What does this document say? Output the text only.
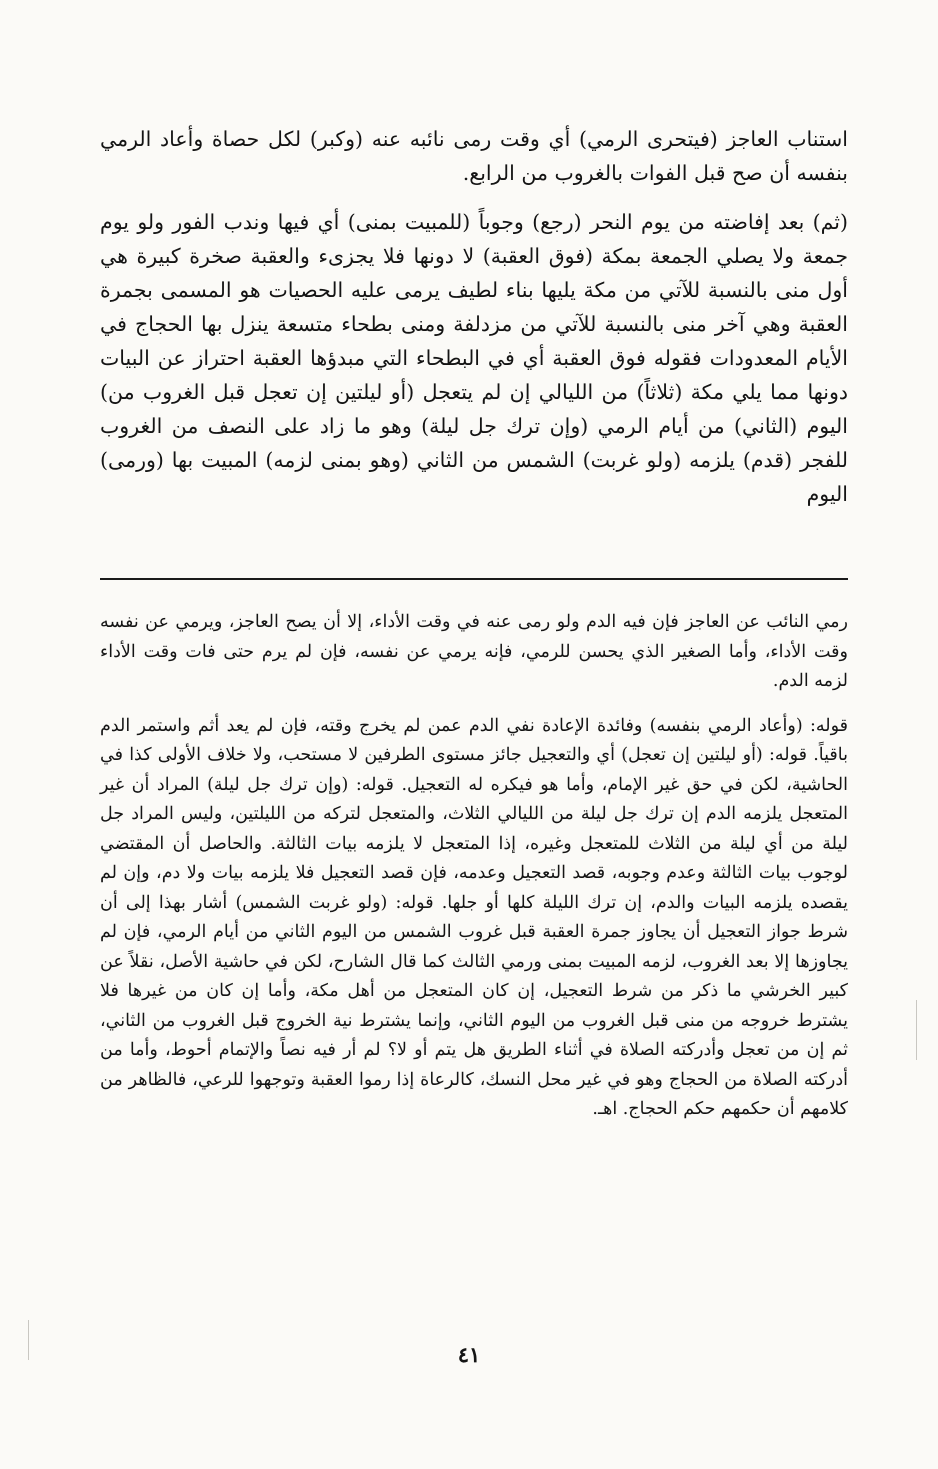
استناب العاجز (فيتحرى الرمي) أي وقت رمى نائبه عنه (وكبر) لكل حصاة وأعاد الرمي بنفسه أن صح قبل الفوات بالغروب من الرابع.

(ثم) بعد إفاضته من يوم النحر (رجع) وجوباً (للمبيت بمنى) أي فيها وندب الفور ولو يوم جمعة ولا يصلي الجمعة بمكة (فوق العقبة) لا دونها فلا يجزىء والعقبة صخرة كبيرة هي أول منى بالنسبة للآتي من مكة يليها بناء لطيف يرمى عليه الحصيات هو المسمى بجمرة العقبة وهي آخر منى بالنسبة للآتي من مزدلفة ومنى بطحاء متسعة ينزل بها الحجاج في الأيام المعدودات فقوله فوق العقبة أي في البطحاء التي مبدؤها العقبة احتراز عن البيات دونها مما يلي مكة (ثلاثاً) من الليالي إن لم يتعجل (أو ليلتين إن تعجل قبل الغروب من) اليوم (الثاني) من أيام الرمي (وإن ترك جل ليلة) وهو ما زاد على النصف من الغروب للفجر (قدم) يلزمه (ولو غربت) الشمس من الثاني (وهو بمنى لزمه) المبيت بها (ورمى) اليوم

رمي النائب عن العاجز فإن فيه الدم ولو رمى عنه في وقت الأداء، إلا أن يصح العاجز، ويرمي عن نفسه وقت الأداء، وأما الصغير الذي يحسن للرمي، فإنه يرمي عن نفسه، فإن لم يرم حتى فات وقت الأداء لزمه الدم.

قوله: (وأعاد الرمي بنفسه) وفائدة الإعادة نفي الدم عمن لم يخرج وقته، فإن لم يعد أثم واستمر الدم باقياً. قوله: (أو ليلتين إن تعجل) أي والتعجيل جائز مستوى الطرفين لا مستحب، ولا خلاف الأولى كذا في الحاشية، لكن في حق غير الإمام، وأما هو فيكره له التعجيل. قوله: (وإن ترك جل ليلة) المراد أن غير المتعجل يلزمه الدم إن ترك جل ليلة من الليالي الثلاث، والمتعجل لتركه من الليلتين، وليس المراد جل ليلة من أي ليلة من الثلاث للمتعجل وغيره، إذا المتعجل لا يلزمه بيات الثالثة. والحاصل أن المقتضي لوجوب بيات الثالثة وعدم وجوبه، قصد التعجيل وعدمه، فإن قصد التعجيل فلا يلزمه بيات ولا دم، وإن لم يقصده يلزمه البيات والدم، إن ترك الليلة كلها أو جلها. قوله: (ولو غربت الشمس) أشار بهذا إلى أن شرط جواز التعجيل أن يجاوز جمرة العقبة قبل غروب الشمس من اليوم الثاني من أيام الرمي، فإن لم يجاوزها إلا بعد الغروب، لزمه المبيت بمنى ورمي الثالث كما قال الشارح، لكن في حاشية الأصل، نقلاً عن كبير الخرشي ما ذكر من شرط التعجيل، إن كان المتعجل من أهل مكة، وأما إن كان من غيرها فلا يشترط خروجه من منى قبل الغروب من اليوم الثاني، وإنما يشترط نية الخروج قبل الغروب من الثاني، ثم إن من تعجل وأدركته الصلاة في أثناء الطريق هل يتم أو لا؟ لم أر فيه نصاً والإتمام أحوط، وأما من أدركته الصلاة من الحجاج وهو في غير محل النسك، كالرعاة إذا رموا العقبة وتوجهوا للرعي، فالظاهر من كلامهم أن حكمهم حكم الحجاج. اهـ.

٤١
